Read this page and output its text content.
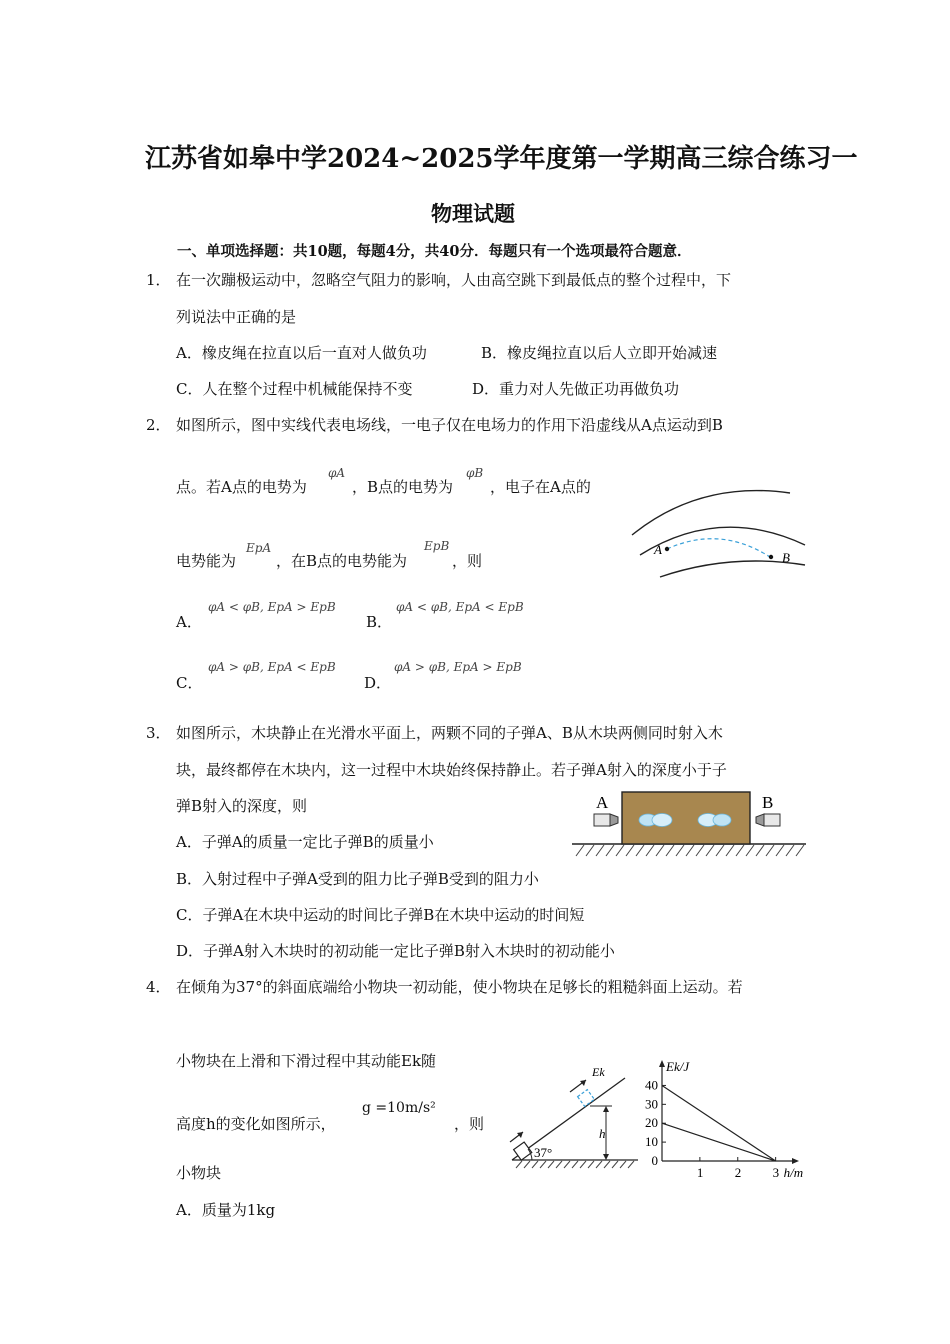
江苏省如皋中学2024~2025学年度第一学期高三综合练习一
物理试题
一、单项选择题：共10题，每题4分，共40分．每题只有一个选项最符合题意．
1． 在一次蹦极运动中，忽略空气阻力的影响，人由高空跳下到最低点的整个过程中，下
列说法中正确的是
A．橡皮绳在拉直以后一直对人做负功	B．橡皮绳拉直以后人立即开始减速
C．人在整个过程中机械能保持不变	D．重力对人先做正功再做负功
2． 如图所示，图中实线代表电场线，一电子仅在电场力的作用下沿虚线从A点运动到B
点。若A点的电势为
φA
，B点的电势为
φB
，电子在A点的
电势能为
EpA
，在B点的电势能为
EpB
，则
A．
φA < φB, EpA > EpB
B．
φA < φB, EpA < EpB
C．
φA > φB, EpA < EpB
D．
φA > φB, EpA > EpB
A
B
3． 如图所示，木块静止在光滑水平面上，两颗不同的子弹A、B从木块两侧同时射入木
块，最终都停在木块内，这一过程中木块始终保持静止。若子弹A射入的深度小于子
弹B射入的深度，则
A．子弹A的质量一定比子弹B的质量小
B．入射过程中子弹A受到的阻力比子弹B受到的阻力小
C．子弹A在木块中运动的时间比子弹B在木块中运动的时间短
D．子弹A射入木块时的初动能一定比子弹B射入木块时的初动能小
A	B
4． 在倾角为37°的斜面底端给小物块一初动能，使小物块在足够长的粗糙斜面上运动。若
小物块在上滑和下滑过程中其动能Ek随
高度h的变化如图所示，
g =10m/s²
，则
小物块
A．质量为1kg
37°
Ek
h
0
10
20
30
40
1 2 3
Ek/J
h/m
